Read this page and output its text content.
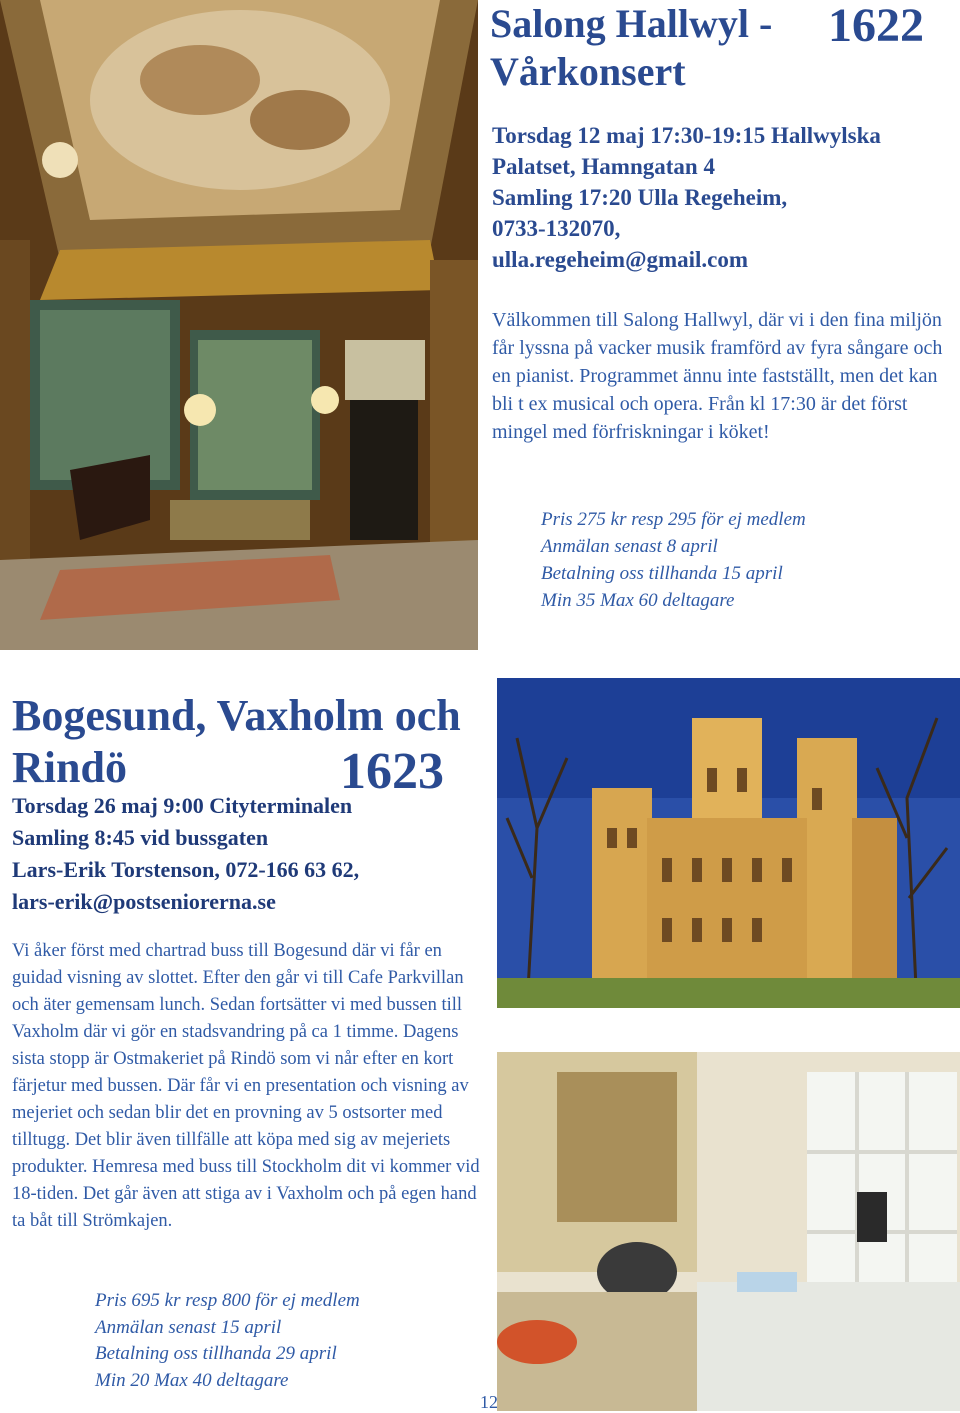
Salong Hallwyl - Vårkonsert
1622
Torsdag 12 maj 17:30-19:15 Hallwylska
Palatset, Hamngatan 4
Samling 17:20 Ulla Regeheim,
0733-132070,
ulla.regeheim@gmail.com
Välkommen till Salong Hallwyl, där vi i den fina miljön får lyssna på vacker musik framförd av fyra sångare och en pianist. Programmet ännu inte fastställt, men det kan bli t ex musical och opera. Från kl 17:30 är det först mingel med förfriskningar i köket!
Pris 275 kr resp 295 för ej medlem
Anmälan senast 8 april
Betalning oss tillhanda 15 april
Min 35 Max 60 deltagare
Bogesund, Vaxholm och
Rindö	1623
Torsdag 26 maj 9:00 Cityterminalen
Samling 8:45 vid bussgaten
Lars-Erik Torstenson, 072-166 63 62,
lars-erik@postseniorerna.se
Vi åker först med chartrad buss till Bogesund där vi får en guidad visning av slottet. Efter den går vi till Cafe Parkvillan och äter gemensam lunch. Sedan fortsätter vi med bussen till Vaxholm där vi gör en stadsvandring på ca 1 timme. Dagens sista stopp är Ostmakeriet på Rindö som vi når efter en kort färjetur med bussen. Där får vi en presentation och visning av mejeriet och sedan blir det en provning av 5 ostsorter med tilltugg. Det blir även tillfälle att köpa med sig av mejeriets produkter. Hemresa med buss till Stockholm dit vi kommer vid 18-tiden. Det går även att stiga av i Vaxholm och på egen hand ta båt till Strömkajen.
Pris 695 kr resp 800 för ej medlem
Anmälan senast 15 april
Betalning oss tillhanda 29 april
Min 20 Max 40 deltagare
12
